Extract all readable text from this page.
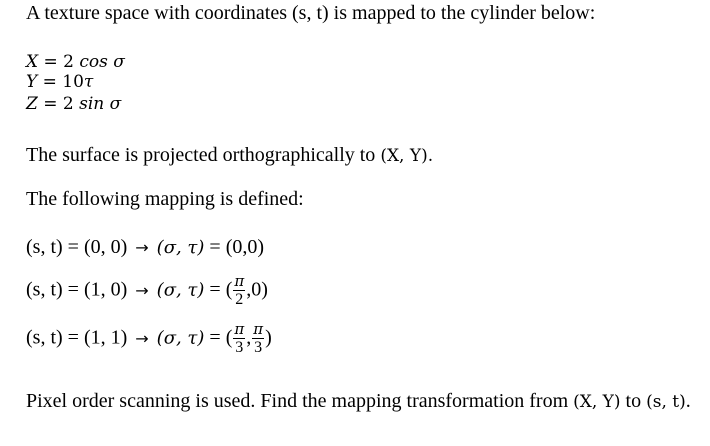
A texture space with coordinates (s, t) is mapped to the cylinder below:
X = 2 cos σ
Y = 10τ
Z = 2 sin σ
The surface is projected orthographically to (X, Y).
The following mapping is defined:
(s, t) = (0, 0) → (σ, τ) = (0,0)
(s, t) = (1, 0) → (σ, τ) = ( $\frac{\pi}{2} ,0$)
(s, t) = (1, 1) → (σ, τ) = ( $\frac{\pi}{3}$ , $\frac{\pi}{3}$ )
Pixel order scanning is used. Find the mapping transformation from (X, Y) to (s, t).
